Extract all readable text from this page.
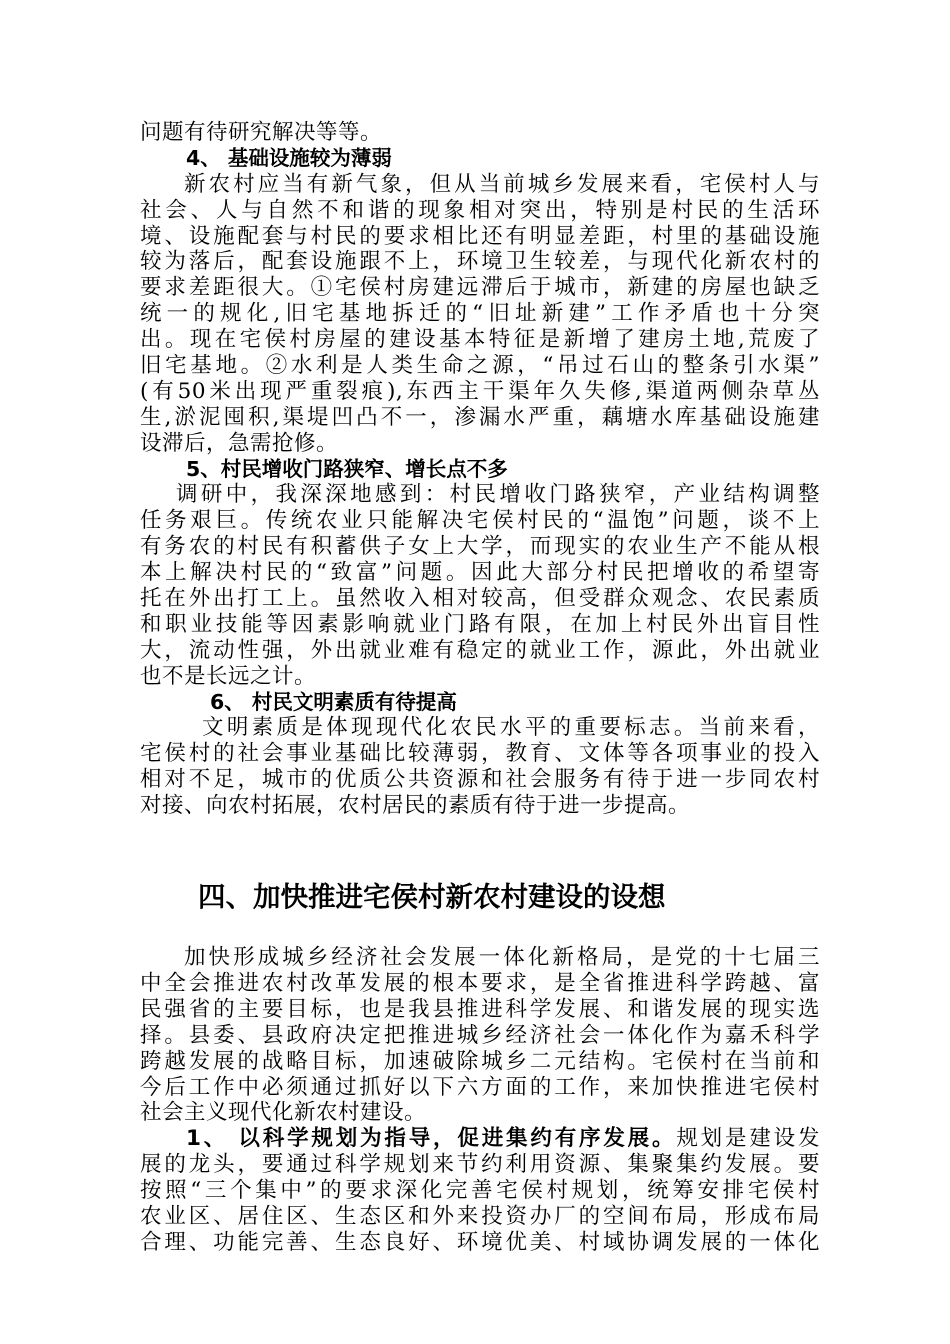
问题有待研究解决等等。
4、 基础设施较为薄弱
新农村应当有新气象，但从当前城乡发展来看，宅侯村人与
社会、人与自然不和谐的现象相对突出，特别是村民的生活环
境、设施配套与村民的要求相比还有明显差距，村里的基础设施
较为落后，配套设施跟不上，环境卫生较差，与现代化新农村的
要求差距很大。①宅侯村房建远滞后于城市，新建的房屋也缺乏
统一的规化,旧宅基地拆迁的“旧址新建”工作矛盾也十分突
出。现在宅侯村房屋的建设基本特征是新增了建房土地,荒废了
旧宅基地。②水利是人类生命之源，“吊过石山的整条引水渠”
(有50米出现严重裂痕),东西主干渠年久失修,渠道两侧杂草丛
生,淤泥囤积,渠堤凹凸不一，渗漏水严重，藕塘水库基础设施建
设滞后，急需抢修。
5、村民增收门路狭窄、增长点不多
调研中，我深深地感到：村民增收门路狭窄，产业结构调整
任务艰巨。传统农业只能解决宅侯村民的“温饱”问题，谈不上
有务农的村民有积蓄供子女上大学，而现实的农业生产不能从根
本上解决村民的“致富”问题。因此大部分村民把增收的希望寄
托在外出打工上。虽然收入相对较高，但受群众观念、农民素质
和职业技能等因素影响就业门路有限，在加上村民外出盲目性
大，流动性强，外出就业难有稳定的就业工作，源此，外出就业
也不是长远之计。
6、 村民文明素质有待提高
文明素质是体现现代化农民水平的重要标志。当前来看，
宅侯村的社会事业基础比较薄弱，教育、文体等各项事业的投入
相对不足，城市的优质公共资源和社会服务有待于进一步同农村
对接、向农村拓展，农村居民的素质有待于进一步提高。
四、加快推进宅侯村新农村建设的设想
加快形成城乡经济社会发展一体化新格局，是党的十七届三
中全会推进农村改革发展的根本要求，是全省推进科学跨越、富
民强省的主要目标，也是我县推进科学发展、和谐发展的现实选
择。县委、县政府决定把推进城乡经济社会一体化作为嘉禾科学
跨越发展的战略目标，加速破除城乡二元结构。宅侯村在当前和
今后工作中必须通过抓好以下六方面的工作，来加快推进宅侯村
社会主义现代化新农村建设。
1、 以科学规划为指导，促进集约有序发展。规划是建设发
展的龙头，要通过科学规划来节约利用资源、集聚集约发展。要
按照“三个集中”的要求深化完善宅侯村规划，统筹安排宅侯村
农业区、居住区、生态区和外来投资办厂的空间布局，形成布局
合理、功能完善、生态良好、环境优美、村域协调发展的一体化
